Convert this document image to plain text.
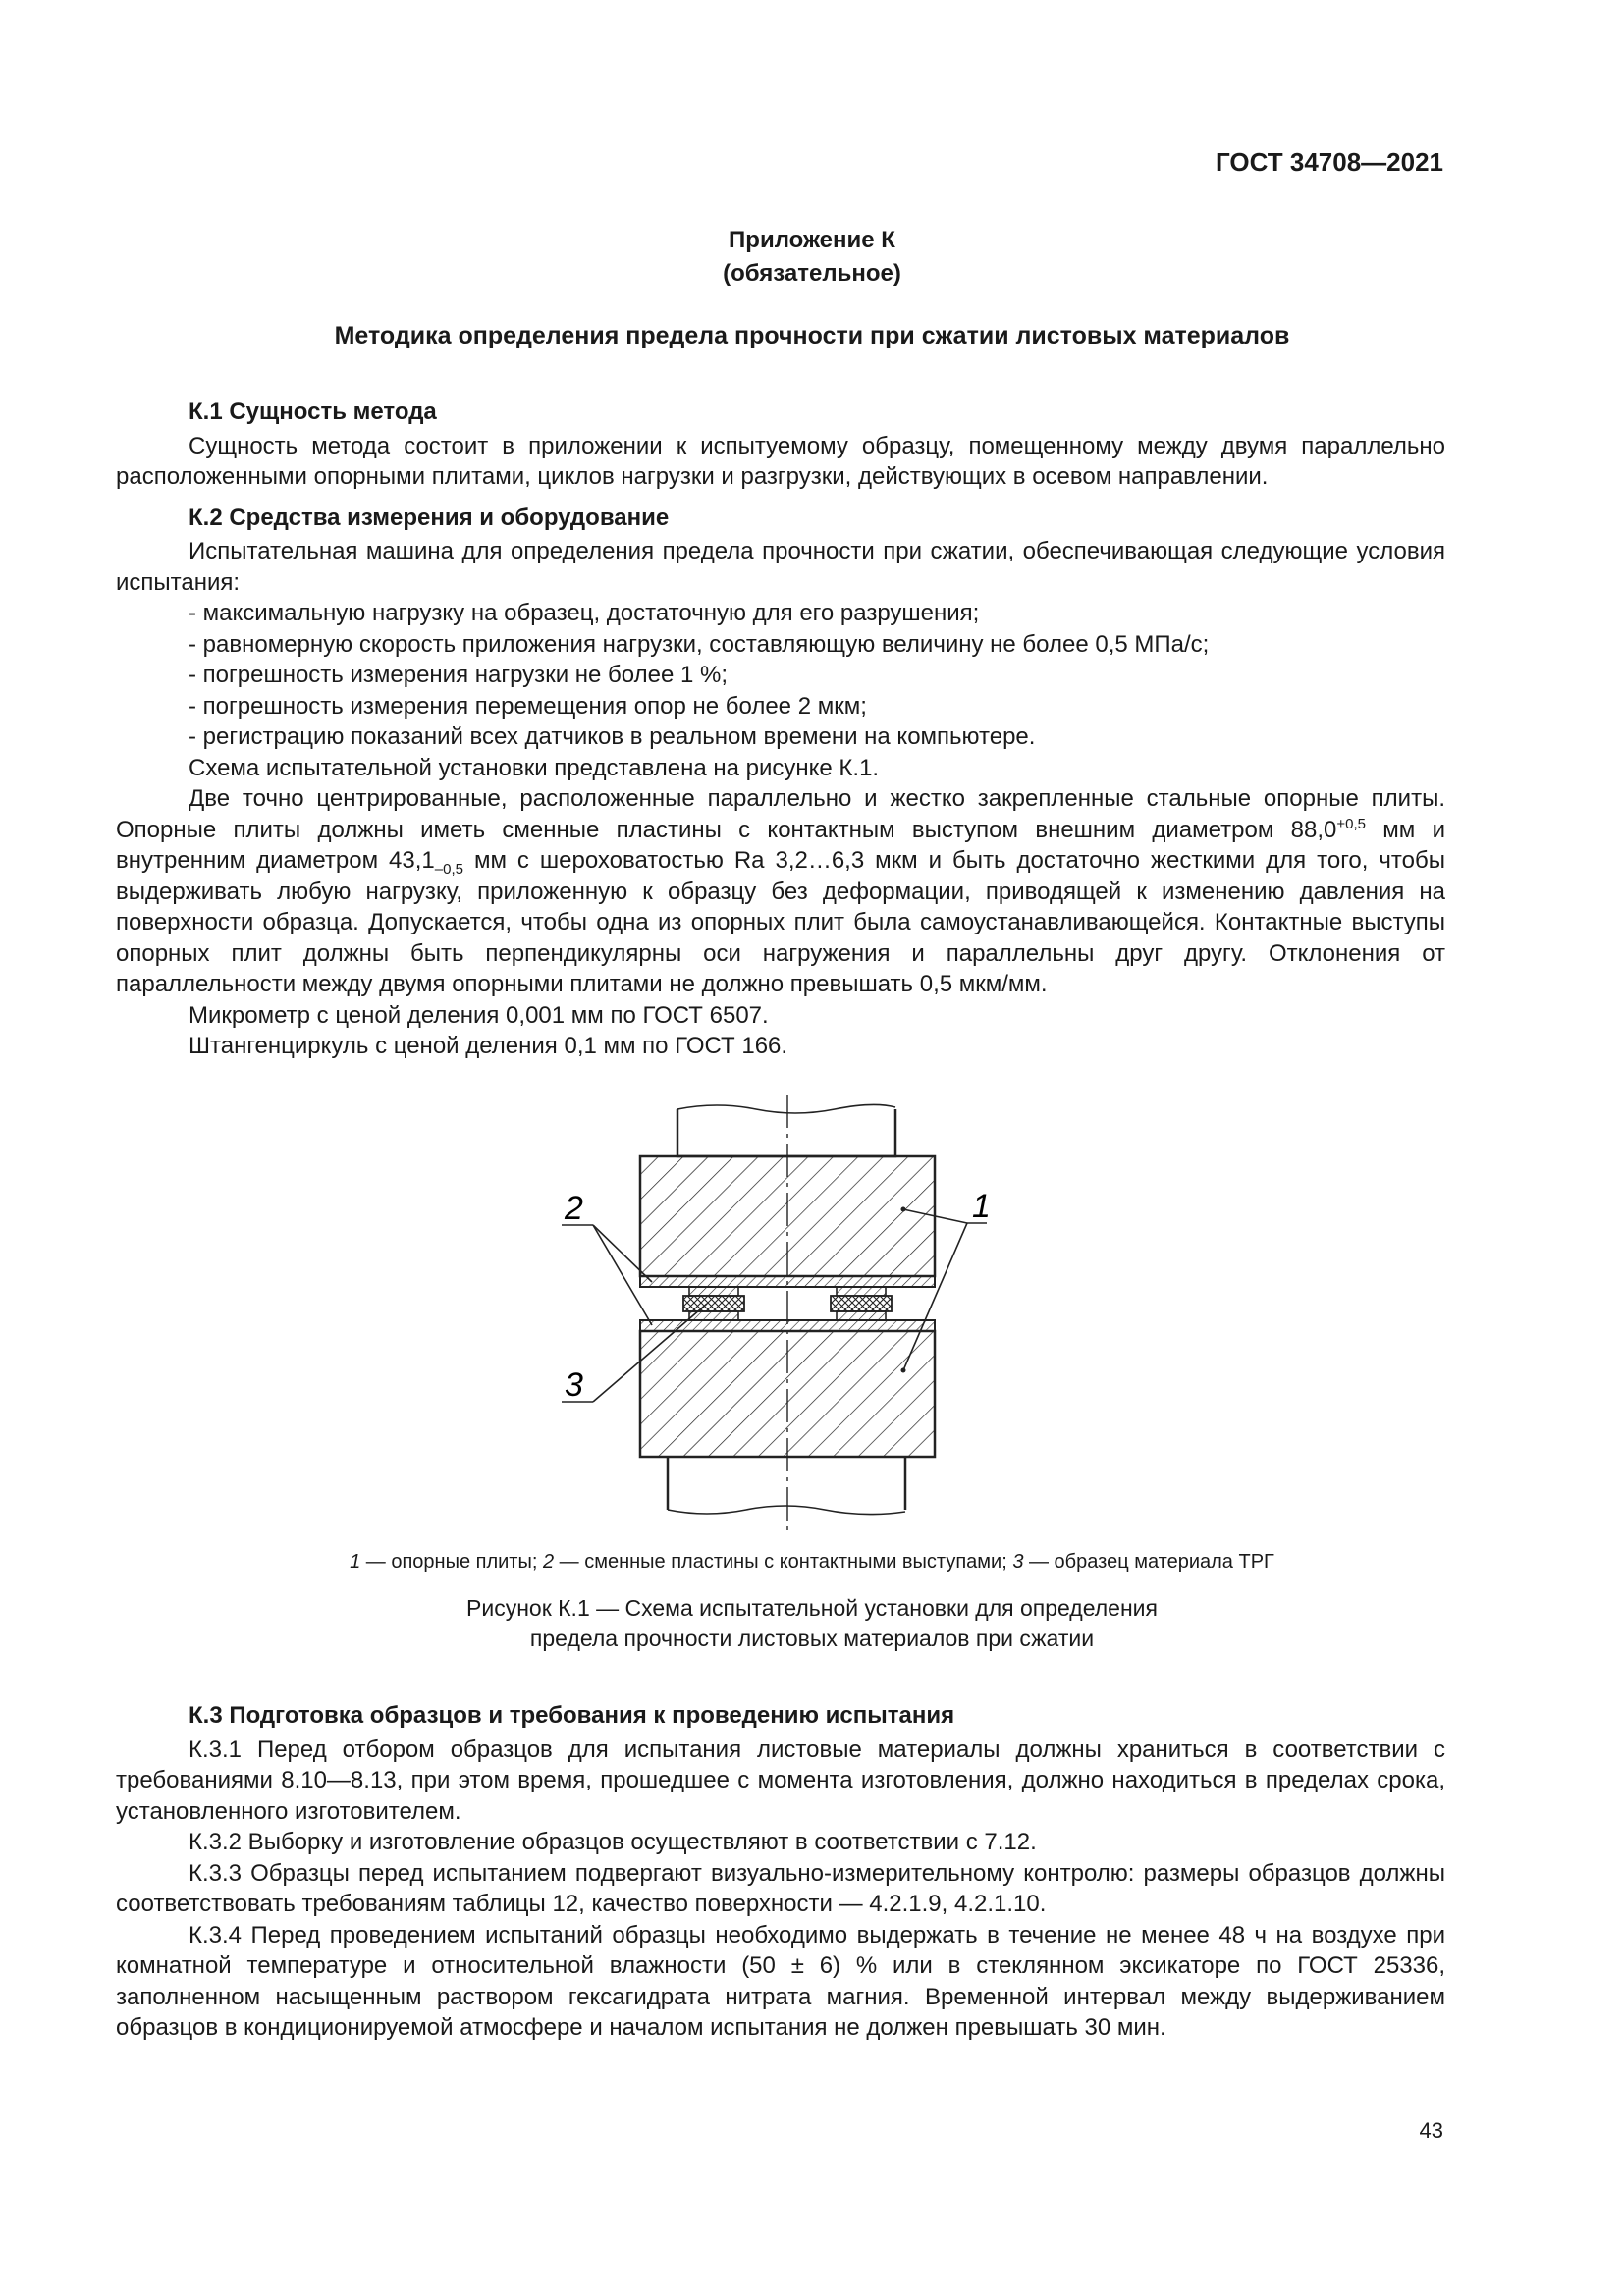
ГОСТ 34708—2021
Приложение К
(обязательное)
Методика определения предела прочности при сжатии листовых материалов

К.1 Сущность метода

Сущность метода состоит в приложении к испытуемому образцу, помещенному между двумя параллельно расположенными опорными плитами, циклов нагрузки и разгрузки, действующих в осевом направлении.

К.2 Средства измерения и оборудование

Испытательная машина для определения предела прочности при сжатии, обеспечивающая следующие условия испытания:

- максимальную нагрузку на образец, достаточную для его разрушения;

- равномерную скорость приложения нагрузки, составляющую величину не более 0,5 МПа/с;

- погрешность измерения нагрузки не более 1 %;

- погрешность измерения перемещения опор не более 2 мкм;

- регистрацию показаний всех датчиков в реальном времени на компьютере.

Схема испытательной установки представлена на рисунке К.1.

Две точно центрированные, расположенные параллельно и жестко закрепленные стальные опорные плиты. Опорные плиты должны иметь сменные пластины с контактным выступом внешним диаметром $88,0^{+0,5}$ мм и внутренним диаметром $43,1_{-0,5}$ мм с шероховатостью Ra 3,2…6,3 мкм и быть достаточно жесткими для того, чтобы выдерживать любую нагрузку, приложенную к образцу без деформации, приводящей к изменению давления на поверхности образца. Допускается, чтобы одна из опорных плит была самоустанавливающейся. Контактные выступы опорных плит должны быть перпендикулярны оси нагружения и параллельны друг другу. Отклонения от параллельности между двумя опорными плитами не должно превышать 0,5 мкм/мм.

Микрометр с ценой деления 0,001 мм по ГОСТ 6507.

Штангенциркуль с ценой деления 0,1 мм по ГОСТ 166.

1
2
3
1 — опорные плиты; 2 — сменные пластины с контактными выступами; 3 — образец материала ТРГ
Рисунок К.1 — Схема испытательной установки для определения
предела прочности листовых материалов при сжатии

К.3 Подготовка образцов и требования к проведению испытания

К.3.1 Перед отбором образцов для испытания листовые материалы должны храниться в соответствии с требованиями 8.10—8.13, при этом время, прошедшее с момента изготовления, должно находиться в пределах срока, установленного изготовителем.

К.3.2 Выборку и изготовление образцов осуществляют в соответствии с 7.12.

К.3.3 Образцы перед испытанием подвергают визуально-измерительному контролю: размеры образцов должны соответствовать требованиям таблицы 12, качество поверхности — 4.2.1.9, 4.2.1.10.

К.3.4 Перед проведением испытаний образцы необходимо выдержать в течение не менее 48 ч на воздухе при комнатной температуре и относительной влажности (50 ± 6) % или в стеклянном эксикаторе по ГОСТ 25336, заполненном насыщенным раствором гексагидрата нитрата магния. Временной интервал между выдерживанием образцов в кондиционируемой атмосфере и началом испытания не должен превышать 30 мин.

43
